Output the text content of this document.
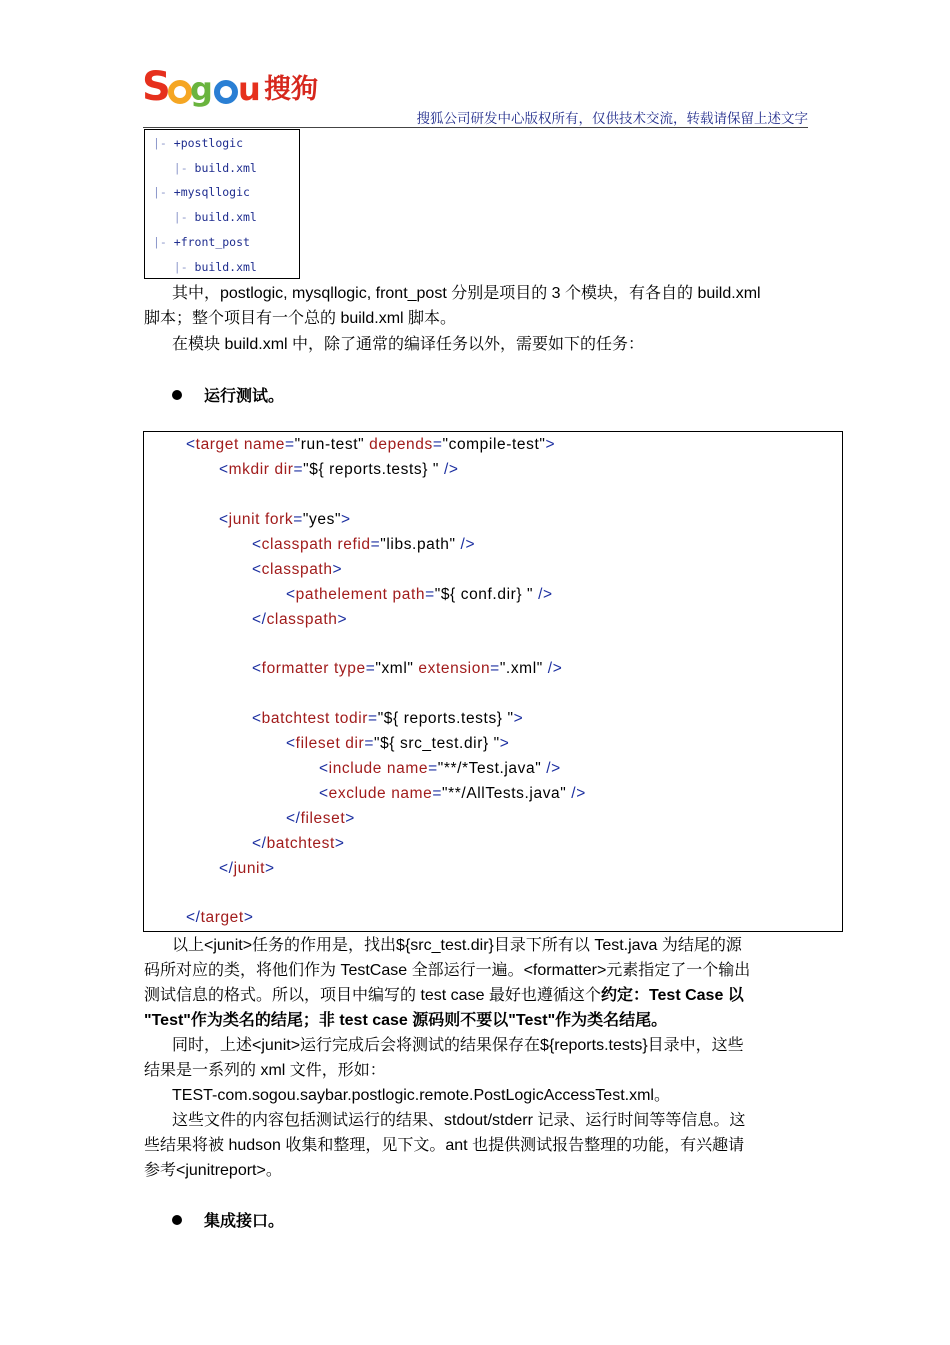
S g u 搜狗
搜狐公司研发中心版权所有，仅供技术交流，转载请保留上述文字
|- +postlogic
|- build.xml
|- +mysqllogic
|- build.xml
|- +front_post
|- build.xml
其中，postlogic, mysqllogic, front_post 分别是项目的 3 个模块，有各自的 build.xml
脚本；整个项目有一个总的 build.xml 脚本。
在模块 build.xml 中，除了通常的编译任务以外，需要如下的任务：
运行测试。
<target name="run-test" depends="compile-test">
<mkdir dir="${ reports.tests} " />
<junit fork="yes">
<classpath refid="libs.path" />
<classpath>
<pathelement path="${ conf.dir} " />
</classpath>
<formatter type="xml" extension=".xml" />
<batchtest todir="${ reports.tests} ">
<fileset dir="${ src_test.dir} ">
<include name="**/*Test.java" />
<exclude name="**/AllTests.java" />
</fileset>
</batchtest>
</junit>
</target>
以上<junit>任务的作用是，找出${src_test.dir}目录下所有以 Test.java 为结尾的源
码所对应的类，将他们作为 TestCase 全部运行一遍。<formatter>元素指定了一个输出
测试信息的格式。所以，项目中编写的 test case 最好也遵循这个约定：Test Case 以
"Test"作为类名的结尾；非 test case 源码则不要以"Test"作为类名结尾。
同时，上述<junit>运行完成后会将测试的结果保存在${reports.tests}目录中，这些
结果是一系列的 xml 文件，形如：
TEST-com.sogou.saybar.postlogic.remote.PostLogicAccessTest.xml。
这些文件的内容包括测试运行的结果、stdout/stderr 记录、运行时间等等信息。这
些结果将被 hudson 收集和整理，见下文。ant 也提供测试报告整理的功能，有兴趣请
参考<junitreport>。
集成接口。
